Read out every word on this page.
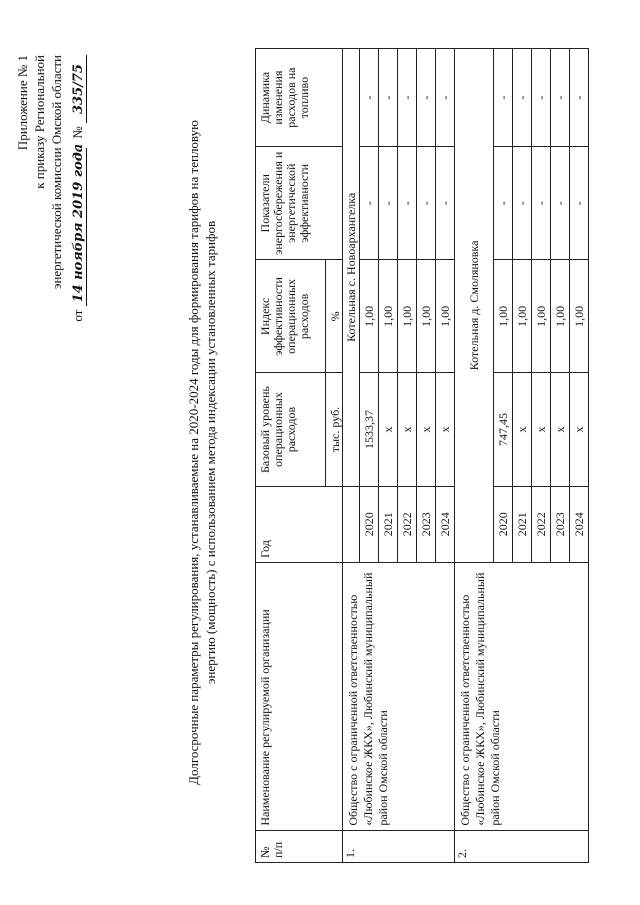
Приложение № 1 к приказу Региональной энергетической комиссии Омской области
от 14 ноября 2019 года   № 335/75
Долгосрочные параметры регулирования, устанавливаемые на 2020-2024 годы для формирования тарифов на тепловую энергию (мощность) с использованием метода индексации установленных тарифов
№ п/п	Наименование регулируемой организации	Год	Базовый уровень операционных расходов	Индекс эффективности операционных расходов	Показатели энергосбережения и энергетической эффективности	Динамика изменения расходов на топливо
			тыс. руб.	%		
1.	Общество с ограниченной ответственностью «Любинское ЖКХ», Любинский муниципальный район Омской области		Котельная с. Новоархангелка			
		2020	1533,37	1,00	-	-
		2021	x	1,00	-	-
		2022	x	1,00	-	-
		2023	x	1,00	-	-
		2024	x	1,00	-	-
2.	Общество с ограниченной ответственностью «Любинское ЖКХ», Любинский муниципальный район Омской области	Котельная д. Смоляновка				
		2020	747,45	1,00	-	-
		2021	x	1,00	-	-
		2022	x	1,00	-	-
		2023	x	1,00	-	-
		2024	x	1,00	-	-
